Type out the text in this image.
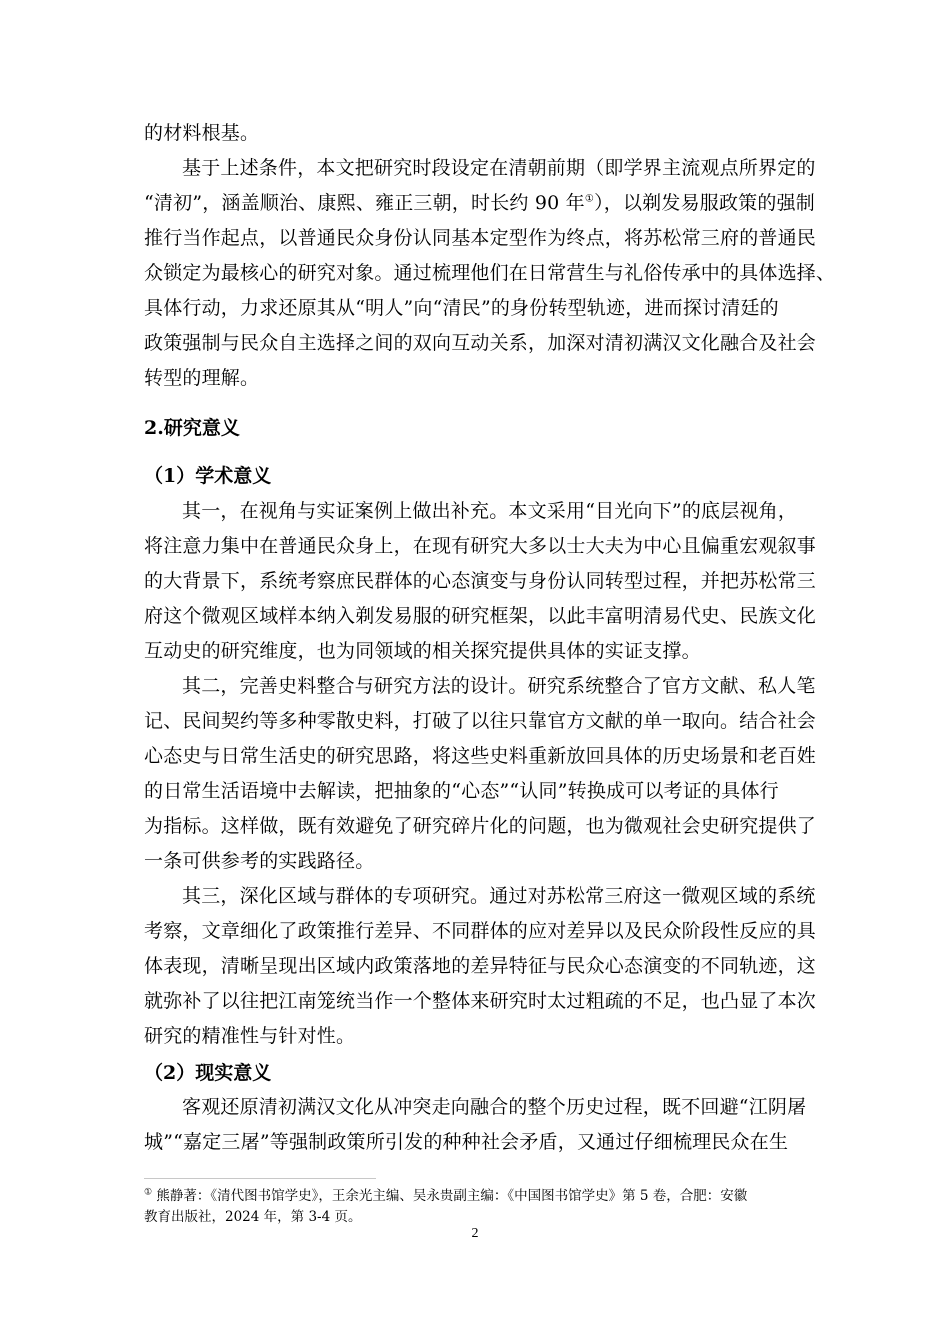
的材料根基。

基于上述条件，本文把研究时段设定在清朝前期（即学界主流观点所界定的
“清初”，涵盖顺治、康熙、雍正三朝，时长约 90 年①），以剃发易服政策的强制
推行当作起点，以普通民众身份认同基本定型作为终点，将苏松常三府的普通民
众锁定为最核心的研究对象。通过梳理他们在日常营生与礼俗传承中的具体选择、
具体行动，力求还原其从“明人”向“清民”的身份转型轨迹，进而探讨清廷的
政策强制与民众自主选择之间的双向互动关系，加深对清初满汉文化融合及社会
转型的理解。

2.研究意义
（1）学术意义

其一，在视角与实证案例上做出补充。本文采用“目光向下”的底层视角，
将注意力集中在普通民众身上，在现有研究大多以士大夫为中心且偏重宏观叙事
的大背景下，系统考察庶民群体的心态演变与身份认同转型过程，并把苏松常三
府这个微观区域样本纳入剃发易服的研究框架，以此丰富明清易代史、民族文化
互动史的研究维度，也为同领域的相关探究提供具体的实证支撑。

其二，完善史料整合与研究方法的设计。研究系统整合了官方文献、私人笔
记、民间契约等多种零散史料，打破了以往只靠官方文献的单一取向。结合社会
心态史与日常生活史的研究思路，将这些史料重新放回具体的历史场景和老百姓
的日常生活语境中去解读，把抽象的“心态”“认同”转换成可以考证的具体行
为指标。这样做，既有效避免了研究碎片化的问题，也为微观社会史研究提供了
一条可供参考的实践路径。

其三，深化区域与群体的专项研究。通过对苏松常三府这一微观区域的系统
考察，文章细化了政策推行差异、不同群体的应对差异以及民众阶段性反应的具
体表现，清晰呈现出区域内政策落地的差异特征与民众心态演变的不同轨迹，这
就弥补了以往把江南笼统当作一个整体来研究时太过粗疏的不足，也凸显了本次
研究的精准性与针对性。

（2）现实意义

客观还原清初满汉文化从冲突走向融合的整个历史过程，既不回避“江阴屠
城”“嘉定三屠”等强制政策所引发的种种社会矛盾，又通过仔细梳理民众在生

① 熊静著：《清代图书馆学史》，王余光主编、吴永贵副主编：《中国图书馆学史》第 5 卷，合肥：安徽
教育出版社，2024 年，第 3-4 页。
2
